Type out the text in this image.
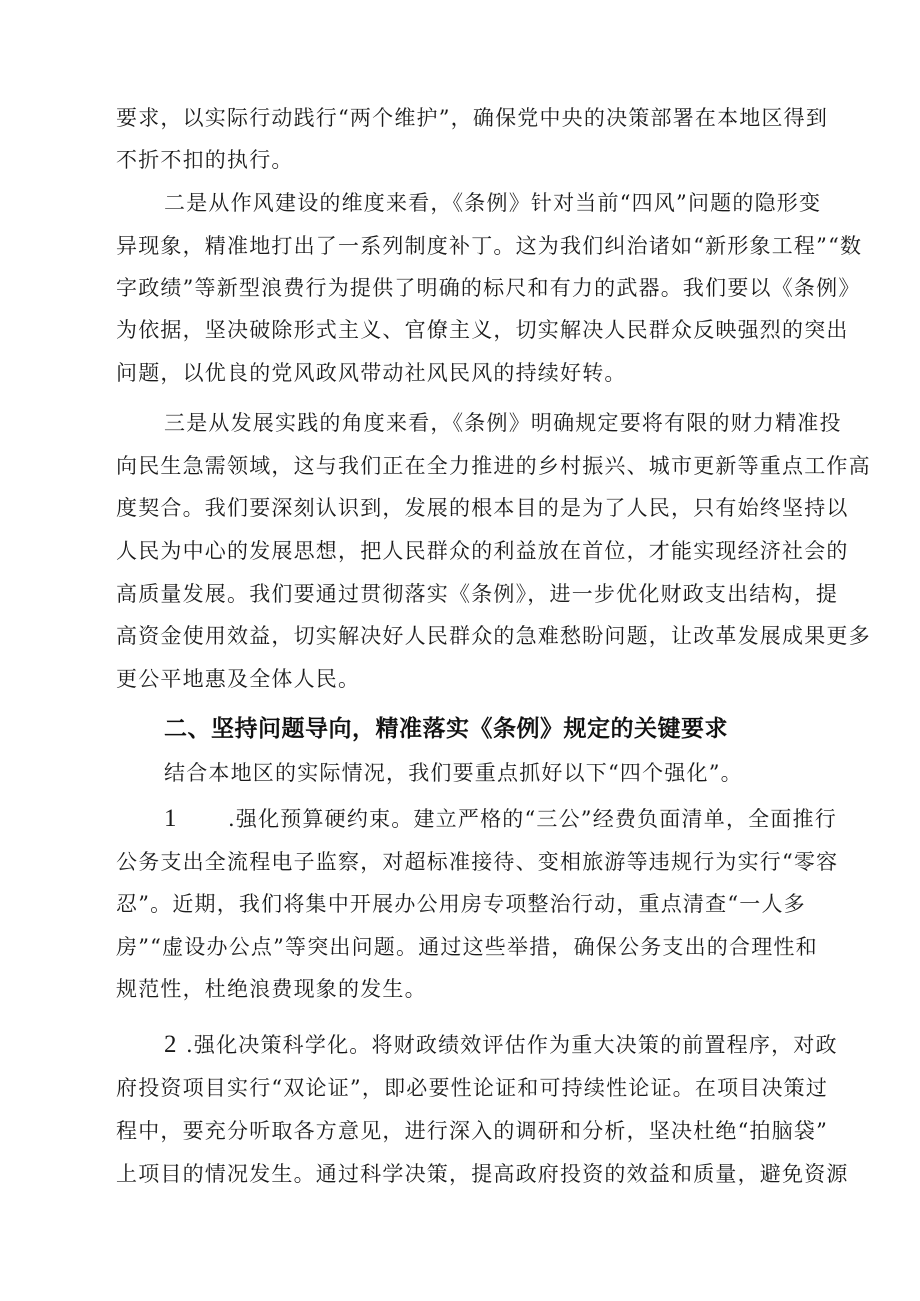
要求，以实际行动践行“两个维护”，确保党中央的决策部署在本地区得到
不折不扣的执行。
二是从作风建设的维度来看，《条例》针对当前“四风”问题的隐形变
异现象，精准地打出了一系列制度补丁。这为我们纠治诸如“新形象工程”“数
字政绩”等新型浪费行为提供了明确的标尺和有力的武器。我们要以《条例》
为依据，坚决破除形式主义、官僚主义，切实解决人民群众反映强烈的突出
问题，以优良的党风政风带动社风民风的持续好转。
三是从发展实践的角度来看，《条例》明确规定要将有限的财力精准投
向民生急需领域，这与我们正在全力推进的乡村振兴、城市更新等重点工作高
度契合。我们要深刻认识到，发展的根本目的是为了人民，只有始终坚持以
人民为中心的发展思想，把人民群众的利益放在首位，才能实现经济社会的
高质量发展。我们要通过贯彻落实《条例》，进一步优化财政支出结构，提
高资金使用效益，切实解决好人民群众的急难愁盼问题，让改革发展成果更多
更公平地惠及全体人民。
二、坚持问题导向，精准落实《条例》规定的关键要求
结合本地区的实际情况，我们要重点抓好以下“四个强化”。
1 .强化预算硬约束。建立严格的“三公”经费负面清单，全面推行
公务支出全流程电子监察，对超标准接待、变相旅游等违规行为实行“零容
忍”。近期，我们将集中开展办公用房专项整治行动，重点清查“一人多
房”“虚设办公点”等突出问题。通过这些举措，确保公务支出的合理性和
规范性，杜绝浪费现象的发生。
2 .强化决策科学化。将财政绩效评估作为重大决策的前置程序，对政
府投资项目实行“双论证”，即必要性论证和可持续性论证。在项目决策过
程中，要充分听取各方意见，进行深入的调研和分析，坚决杜绝“拍脑袋”
上项目的情况发生。通过科学决策，提高政府投资的效益和质量，避免资源
